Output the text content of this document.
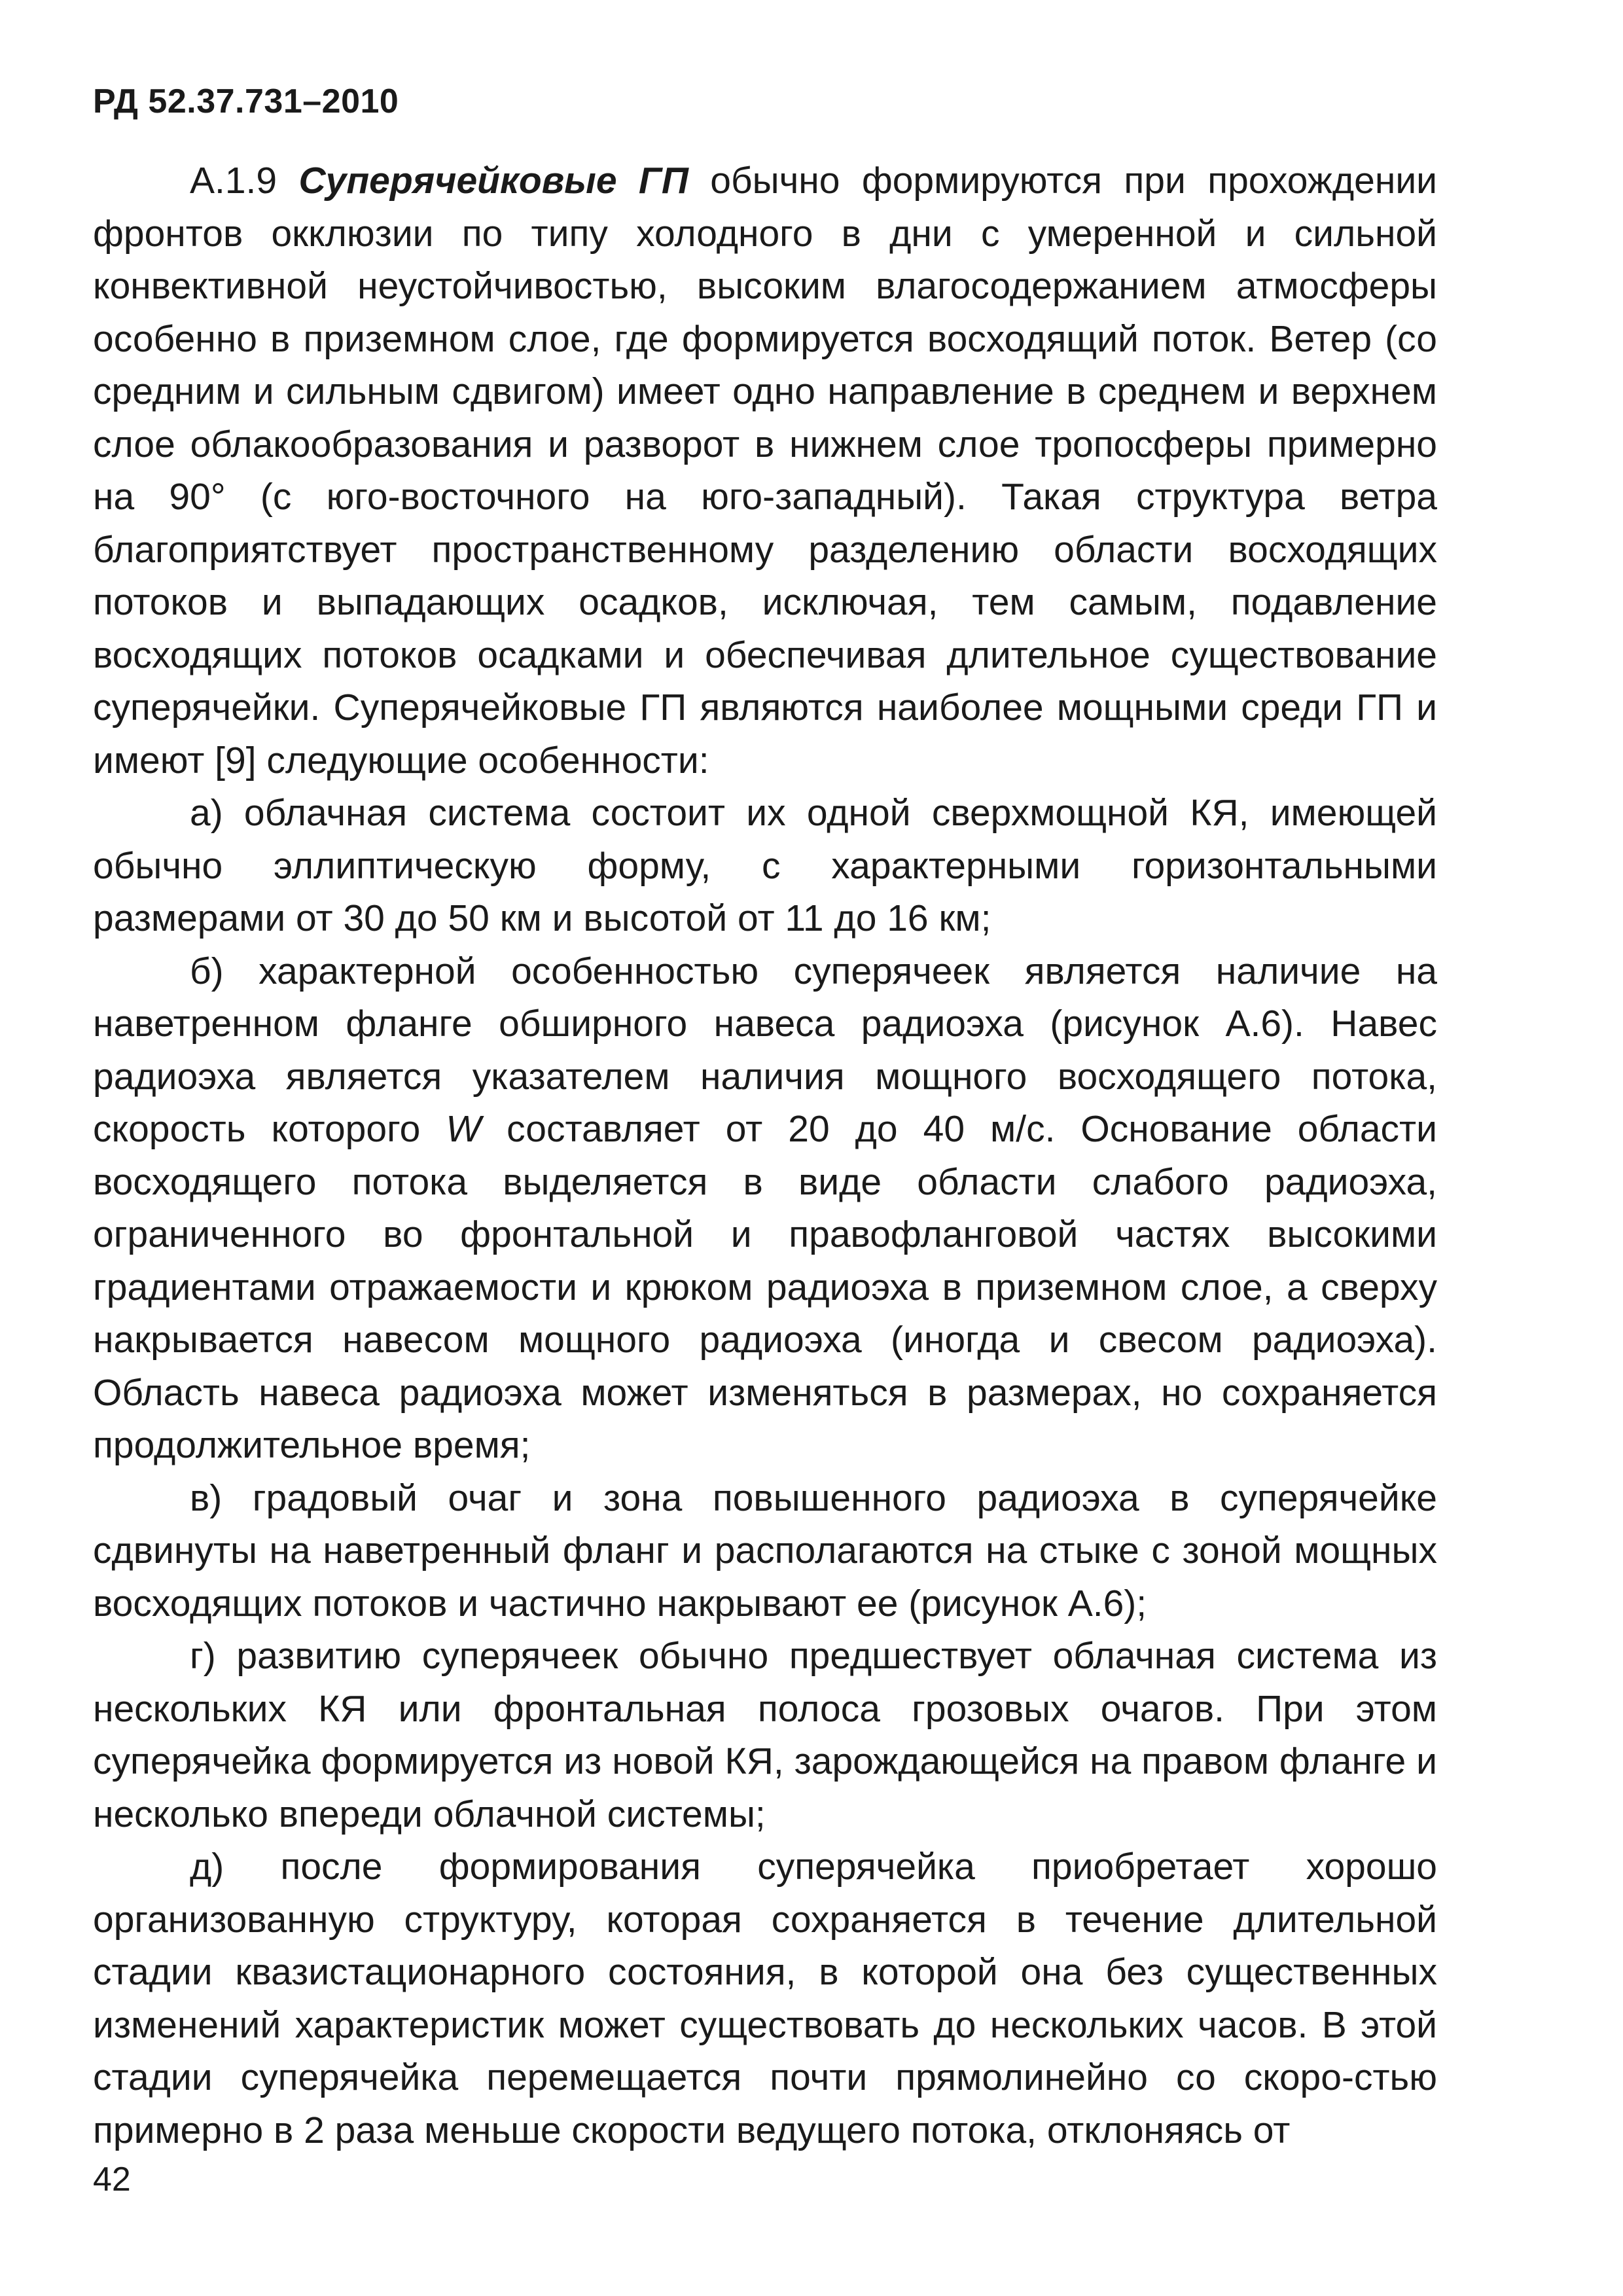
РД 52.37.731–2010

А.1.9 Суперячейковые ГП обычно формируются при прохождении фронтов окклюзии по типу холодного в дни с умеренной и сильной конвективной неустойчивостью, высоким влагосодержанием атмосферы особенно в приземном слое, где формируется восходящий поток. Ветер (со средним и сильным сдвигом) имеет одно направление в среднем и верхнем слое облакообразования и разворот в нижнем слое тропосферы примерно на 90° (с юго-восточного на юго-западный). Такая структура ветра благоприятствует пространственному разделению области восходящих потоков и выпадающих осадков, исключая, тем самым, подавление восходящих потоков осадками и обеспечивая длительное существование суперячейки. Суперячейковые ГП являются наиболее мощными среди ГП и имеют [9] следующие особенности:

а) облачная система состоит их одной сверхмощной КЯ, имеющей обычно эллиптическую форму, с характерными горизонтальными размерами от 30 до 50 км и высотой от 11 до 16 км;

б) характерной особенностью суперячеек является наличие на наветренном фланге обширного навеса радиоэха (рисунок А.6). Навес радиоэха является указателем наличия мощного восходящего потока, скорость которого W составляет от 20 до 40 м/с. Основание области восходящего потока выделяется в виде области слабого радиоэха, ограниченного во фронтальной и правофланговой частях высокими градиентами отражаемости и крюком радиоэха в приземном слое, а сверху накрывается навесом мощного радиоэха (иногда и свесом радиоэха). Область навеса радиоэха может изменяться в размерах, но сохраняется продолжительное время;

в) градовый очаг и зона повышенного радиоэха в суперячейке сдвинуты на наветренный фланг и располагаются на стыке с зоной мощных восходящих потоков и частично накрывают ее (рисунок А.6);

г) развитию суперячеек обычно предшествует облачная система из нескольких КЯ или фронтальная полоса грозовых очагов. При этом суперячейка формируется из новой КЯ, зарождающейся на правом фланге и несколько впереди облачной системы;

д) после формирования суперячейка приобретает хорошо организованную структуру, которая сохраняется в течение длительной стадии квазистационарного состояния, в которой она без существенных изменений характеристик может существовать до нескольких часов. В этой стадии суперячейка перемещается почти прямолинейно со скоро-стью примерно в 2 раза меньше скорости ведущего потока, отклоняясь от

42
